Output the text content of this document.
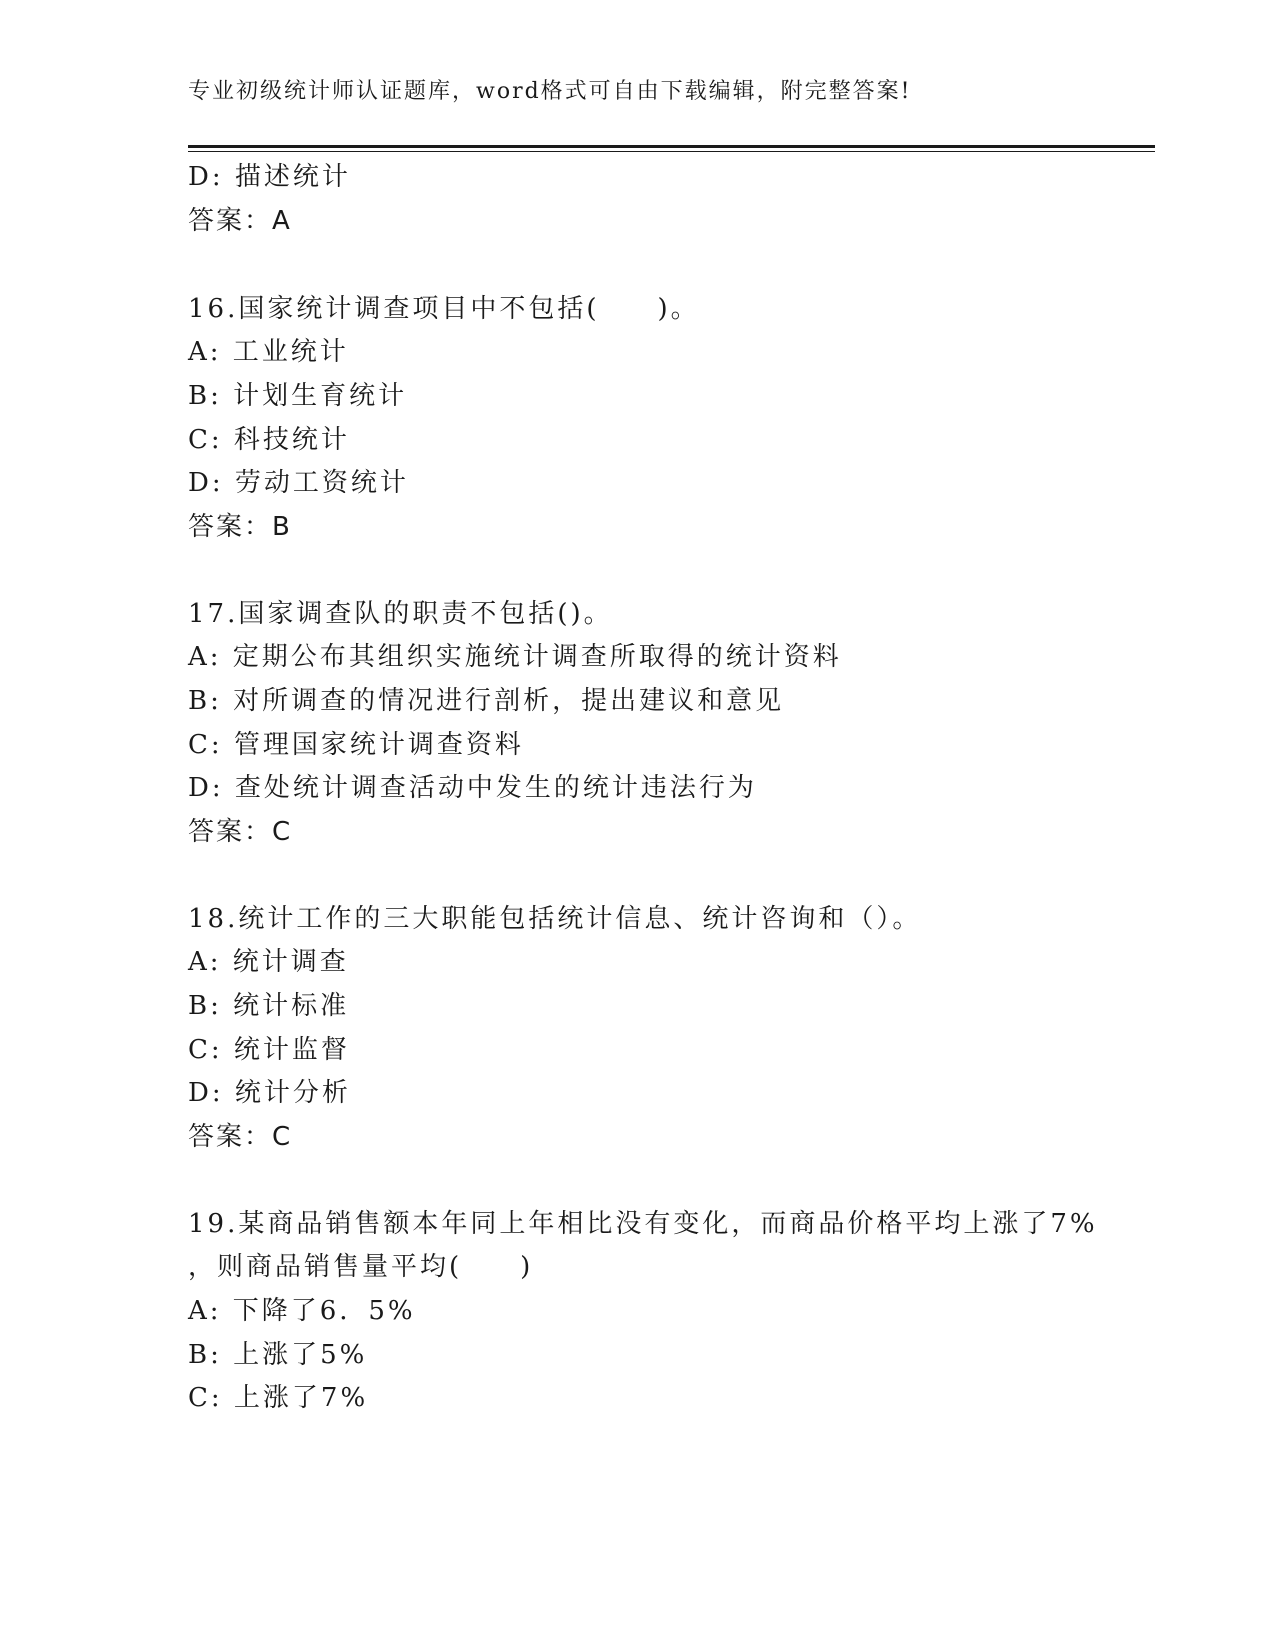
专业初级统计师认证题库，word格式可自由下载编辑，附完整答案!
D: 描述统计
答案：A
16.国家统计调查项目中不包括(　　)。
A: 工业统计
B: 计划生育统计
C: 科技统计
D: 劳动工资统计
答案：B
17.国家调查队的职责不包括()。
A: 定期公布其组织实施统计调查所取得的统计资料
B: 对所调查的情况进行剖析，提出建议和意见
C: 管理国家统计调查资料
D: 查处统计调查活动中发生的统计违法行为
答案：C
18.统计工作的三大职能包括统计信息、统计咨询和（）。
A: 统计调查
B: 统计标准
C: 统计监督
D: 统计分析
答案：C
19.某商品销售额本年同上年相比没有变化，而商品价格平均上涨了7%
，则商品销售量平均(　　)
A: 下降了6．5%
B: 上涨了5%
C: 上涨了7%
